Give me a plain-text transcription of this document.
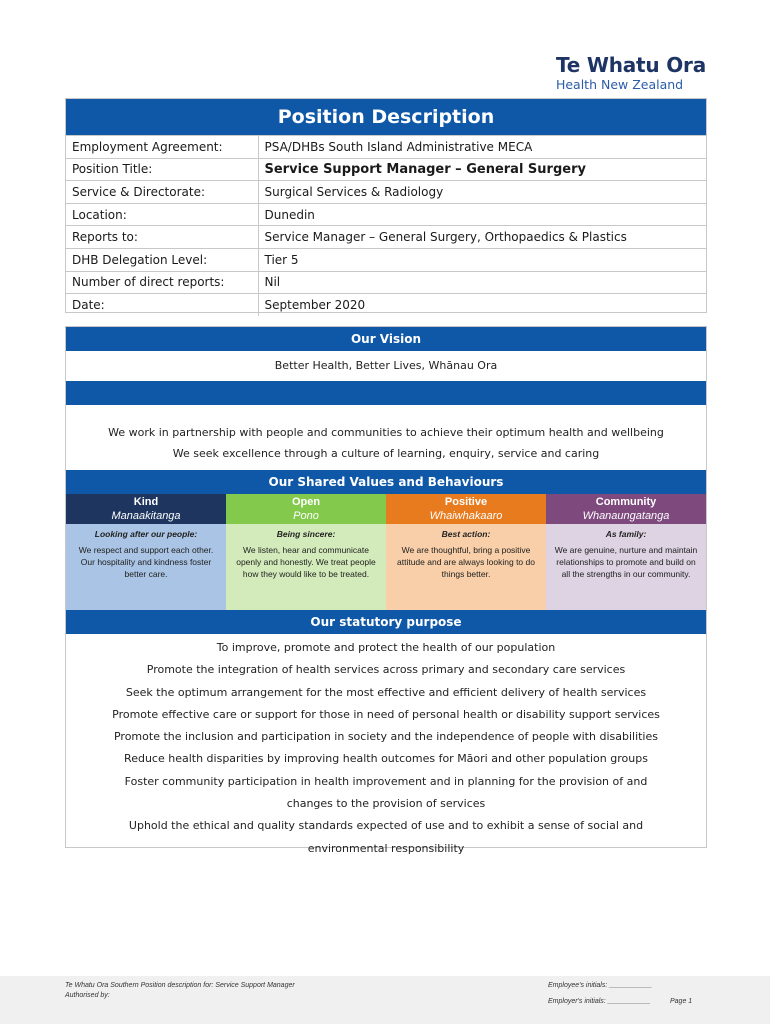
Te Whatu Ora
Health New Zealand
Position Description
Employment Agreement:	PSA/DHBs South Island Administrative MECA
Position Title:	Service Support Manager – General Surgery
Service & Directorate:	Surgical Services & Radiology
Location:	Dunedin
Reports to:	Service Manager – General Surgery, Orthopaedics & Plastics
DHB Delegation Level:	Tier 5
Number of direct reports:	Nil
Date:	September 2020
Our Vision
Better Health, Better Lives, Whānau Ora
We work in partnership with people and communities to achieve their optimum health and wellbeing
We seek excellence through a culture of learning, enquiry, service and caring
Our Shared Values and Behaviours
Kind
Manaakitanga
Looking after our people:
We respect and support each other. Our hospitality and kindness foster better care.
Open
Pono
Being sincere:
We listen, hear and communicate openly and honestly. We treat people how they would like to be treated.
Positive
Whaiwhakaaro
Best action:
We are thoughtful, bring a positive attitude and are always looking to do things better.
Community
Whanaungatanga
As family:
We are genuine, nurture and maintain relationships to promote and build on all the strengths in our community.
Our statutory purpose

To improve, promote and protect the health of our population

Promote the integration of health services across primary and secondary care services

Seek the optimum arrangement for the most effective and efficient delivery of health services

Promote effective care or support for those in need of personal health or disability support services

Promote the inclusion and participation in society and the independence of people with disabilities

Reduce health disparities by improving health outcomes for Māori and other population groups

Foster community participation in health improvement and in planning for the provision of and

changes to the provision of services

Uphold the ethical and quality standards expected of use and to exhibit a sense of social and

environmental responsibility

Te Whatu Ora Southern Position description for: Service Support Manager
Authorised by:
Employee's initials: ___________
Employer's initials: ___________	Page 1
